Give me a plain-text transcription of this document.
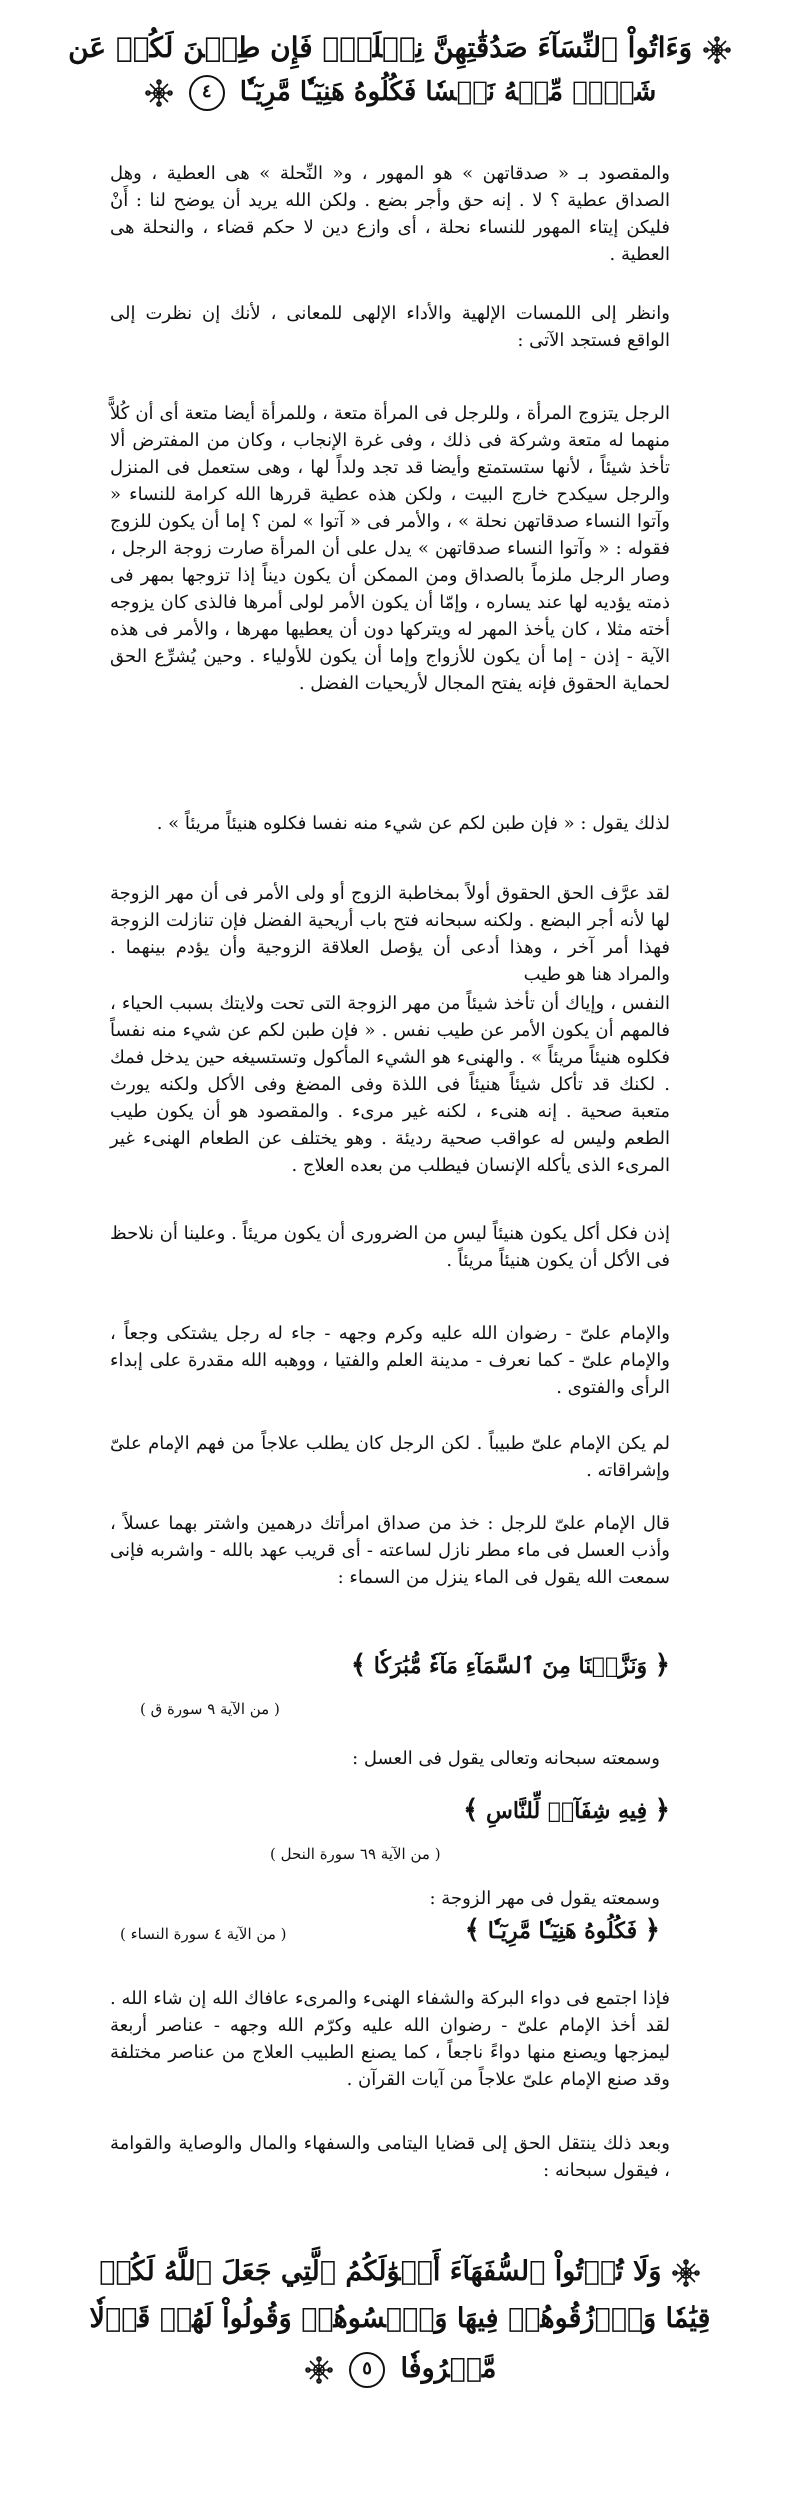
وَءَاتُواْ ٱلنِّسَآءَ صَدُقَٰتِهِنَّ نِحۡلَةٗۚ فَإِن طِبۡنَ لَكُمۡ عَن
شَيۡءٖ مِّنۡهُ نَفۡسٗا فَكُلُوهُ هَنِيٓـٔٗا مَّرِيٓـٔٗا ٤
والمقصود بـ « صدقاتهن » هو المهور ، و« النِّحلة » هى العطية ، وهل الصداق عطية ؟ لا . إنه حق وأجر بضع . ولكن الله يريد أن يوضح لنا : أَنْ فليكن إيتاء المهور للنساء نحلة ، أى وازع دين لا حكم قضاء ، والنحلة هى العطية .
وانظر إلى اللمسات الإلهية والأداء الإلهى للمعانى ، لأنك إن نظرت إلى الواقع فستجد الآتى :
الرجل يتزوج المرأة ، وللرجل فى المرأة متعة ، وللمرأة أيضا متعة أى أن كُلاًّ منهما له متعة وشركة فى ذلك ، وفى غرة الإنجاب ، وكان من المفترض ألا تأخذ شيئاً ، لأنها ستستمتع وأيضا قد تجد ولداً لها ، وهى ستعمل فى المنزل والرجل سيكدح خارج البيت ، ولكن هذه عطية قررها الله كرامة للنساء « وآتوا النساء صدقاتهن نحلة » ، والأمر فى « آتوا » لمن ؟ إما أن يكون للزوج فقوله : « وآتوا النساء صدقاتهن » يدل على أن المرأة صارت زوجة الرجل ، وصار الرجل ملزماً بالصداق ومن الممكن أن يكون ديناً إذا تزوجها بمهر فى ذمته يؤديه لها عند يساره ، وإمّا أن يكون الأمر لولى أمرها فالذى كان يزوجه أخته مثلا ، كان يأخذ المهر له ويتركها دون أن يعطيها مهرها ، والأمر فى هذه الآية - إذن - إما أن يكون للأزواج وإما أن يكون للأولياء . وحين يُشرِّع الحق لحماية الحقوق فإنه يفتح المجال لأريحيات الفضل .
لذلك يقول : « فإن طبن لكم عن شيء منه نفسا فكلوه هنيئاً مريئاً » .
لقد عرَّف الحق الحقوق أولاً بمخاطبة الزوج أو ولى الأمر فى أن مهر الزوجة لها لأنه أجر البضع . ولكنه سبحانه فتح باب أريحية الفضل فإن تنازلت الزوجة فهذا أمر آخر ، وهذا أدعى أن يؤصل العلاقة الزوجية وأن يؤدم بينهما . والمراد هنا هو طيب
النفس ، وإياك أن تأخذ شيئاً من مهر الزوجة التى تحت ولايتك بسبب الحياء ، فالمهم أن يكون الأمر عن طيب نفس . « فإن طبن لكم عن شيء منه نفساً فكلوه هنيئاً مريئاً » . والهنىء هو الشيء المأكول وتستسيغه حين يدخل فمك . لكنك قد تأكل شيئاً هنيئاً فى اللذة وفى المضغ وفى الأكل ولكنه يورث متعبة صحية . إنه هنىء ، لكنه غير مرىء . والمقصود هو أن يكون طيب الطعم وليس له عواقب صحية رديئة . وهو يختلف عن الطعام الهنىء غير المرىء الذى يأكله الإنسان فيطلب من بعده العلاج .
إذن فكل أكل يكون هنيئاً ليس من الضرورى أن يكون مريئاً . وعلينا أن نلاحظ فى الأكل أن يكون هنيئاً مريئاً .
والإمام علىّ - رضوان الله عليه وكرم وجهه - جاء له رجل يشتكى وجعاً ، والإمام علىّ - كما نعرف - مدينة العلم والفتيا ، ووهبه الله مقدرة على إبداء الرأى والفتوى .
لم يكن الإمام علىّ طبيباً . لكن الرجل كان يطلب علاجاً من فهم الإمام علىّ وإشراقاته .
قال الإمام علىّ للرجل : خذ من صداق امرأتك درهمين واشتر بهما عسلاً ، وأذب العسل فى ماء مطر نازل لساعته - أى قريب عهد بالله - واشربه فإنى سمعت الله يقول فى الماء ينزل من السماء :
﴿ وَنَزَّلۡنَا مِنَ ٱلسَّمَآءِ مَآءٗ مُّبَٰرَكٗا ﴾
( من الآية ٩ سورة ق )
وسمعته سبحانه وتعالى يقول فى العسل :
﴿ فِيهِ شِفَآءٞ لِّلنَّاسِ ﴾
( من الآية ٦٩ سورة النحل )
وسمعته يقول فى مهر الزوجة :
﴿ فَكُلُوهُ هَنِيٓـٔٗا مَّرِيٓـٔٗا ﴾
( من الآية ٤ سورة النساء )
فإذا اجتمع فى دواء البركة والشفاء الهنىء والمرىء عافاك الله إن شاء الله . لقد أخذ الإمام علىّ - رضوان الله عليه وكرّم الله وجهه - عناصر أربعة ليمزجها ويصنع منها دواءً ناجعاً ، كما يصنع الطبيب العلاج من عناصر مختلفة وقد صنع الإمام علىّ علاجاً من آيات القرآن .
وبعد ذلك ينتقل الحق إلى قضايا اليتامى والسفهاء والمال والوصاية والقوامة ، فيقول سبحانه :
وَلَا تُؤۡتُواْ ٱلسُّفَهَآءَ أَمۡوَٰلَكُمُ ٱلَّتِي جَعَلَ ٱللَّهُ لَكُمۡ
قِيَٰمٗا وَٱرۡزُقُوهُمۡ فِيهَا وَٱكۡسُوهُمۡ وَقُولُواْ لَهُمۡ قَوۡلٗا
مَّعۡرُوفٗا ٥
